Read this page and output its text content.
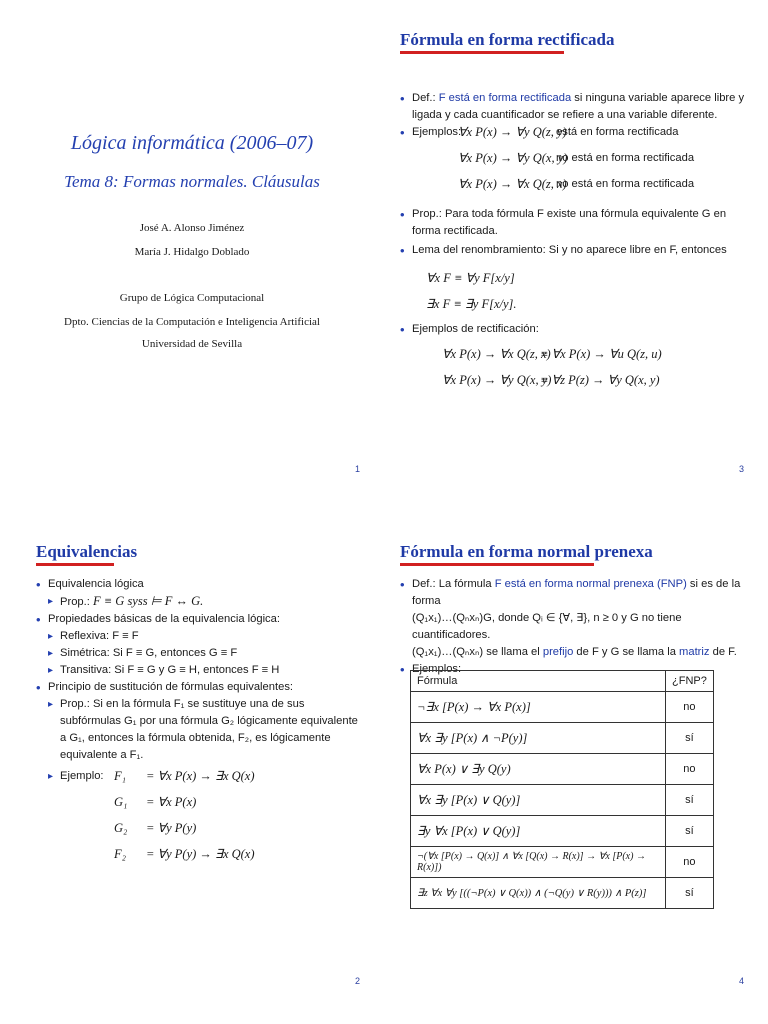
Lógica informática (2006–07)
Tema 8: Formas normales. Cláusulas
José A. Alonso Jiménez
María J. Hidalgo Doblado
Grupo de Lógica Computacional
Dpto. Ciencias de la Computación e Inteligencia Artificial
Universidad de Sevilla
1
Fórmula en forma rectificada

• Def.: F está en forma rectificada si ninguna variable aparece libre y ligada y cada cuantificador se refiere a una variable diferente.

• Ejemplos:
∀x P(x) → ∀y Q(z, y)
está en forma rectificada
∀x P(x) → ∀y Q(x, y)
no está en forma rectificada
∀x P(x) → ∀x Q(z, x)
no está en forma rectificada

• Prop.: Para toda fórmula F existe una fórmula equivalente G en forma rectificada.

• Lema del renombramiento: Si y no aparece libre en F, entonces

∀x F ≡ ∀y F[x/y]
∃x F ≡ ∃y F[x/y].

• Ejemplos de rectificación:

∀x P(x) → ∀x Q(z, x)
≡ ∀x P(x) → ∀u Q(z, u)
∀x P(x) → ∀y Q(x, y)
≡ ∀z P(z) → ∀y Q(x, y)
3
Equivalencias

• Equivalencia lógica

▸ Prop.: F ≡ G syss ⊨ F ↔ G.

• Propiedades básicas de la equivalencia lógica:

▸ Reflexiva: F ≡ F

▸ Simétrica: Si F ≡ G, entonces G ≡ F

▸ Transitiva: Si F ≡ G y G ≡ H, entonces F ≡ H

• Principio de sustitución de fórmulas equivalentes:

▸ Prop.: Si en la fórmula F₁ se sustituye una de sus subfórmulas G₁ por una fórmula G₂ lógicamente equivalente a G₁, entonces la fórmula obtenida, F₂, es lógicamente equivalente a F₁.

▸ Ejemplo: F₁ = ∀x P(x) → ∃x Q(x)
G₁ = ∀x P(x)
G₂ = ∀y P(y)
F₂ = ∀y P(y) → ∃x Q(x)
2
Fórmula en forma normal prenexa

• Def.: La fórmula F está en forma normal prenexa (FNP) si es de la forma

(Q₁x₁)…(Qₙxₙ)G, donde Qᵢ ∈ {∀, ∃}, n ≥ 0 y G no tiene cuantificadores.

(Q₁x₁)…(Qₙxₙ) se llama el prefijo de F y G se llama la matriz de F.

• Ejemplos:

Fórmula	¿FNP?
¬∃x [P(x) → ∀x P(x)]	no
∀x ∃y [P(x) ∧ ¬P(y)]	sí
∀x P(x) ∨ ∃y Q(y)	no
∀x ∃y [P(x) ∨ Q(y)]	sí
∃y ∀x [P(x) ∨ Q(y)]	sí
¬(∀x [P(x) → Q(x)] ∧ ∀x [Q(x) → R(x)] → ∀x [P(x) → R(x)])	no
∃z ∀x ∀y [((¬P(x) ∨ Q(x)) ∧ (¬Q(y) ∨ R(y))) ∧ P(z)]	sí
4
